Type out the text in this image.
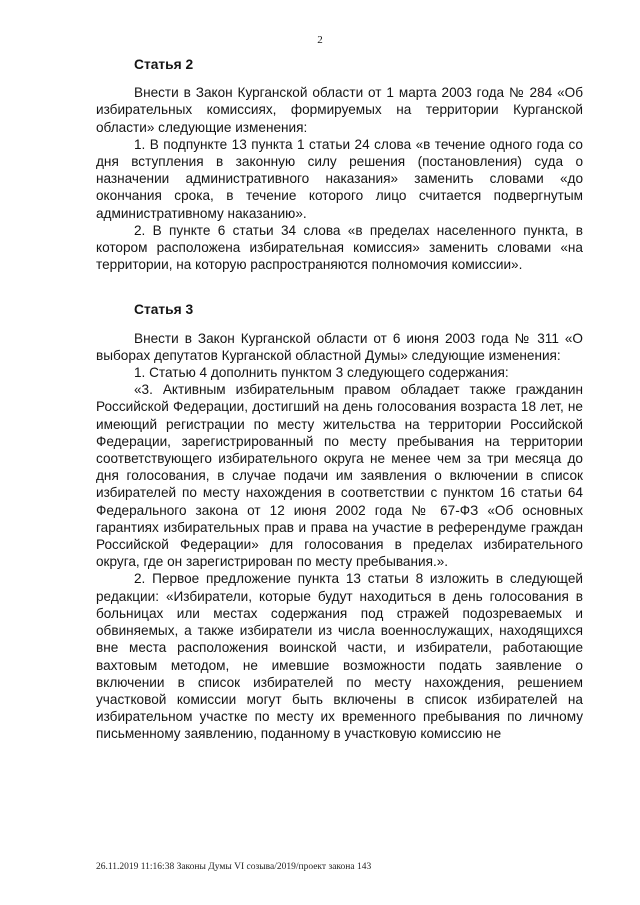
2
Статья 2

Внести в Закон Курганской области от 1 марта 2003 года № 284 «Об избирательных комиссиях, формируемых на территории Курганской области» следующие изменения:

1. В подпункте 13 пункта 1 статьи 24 слова «в течение одного года со дня вступления в законную силу решения (постановления) суда о назначении административного наказания» заменить словами «до окончания срока, в течение которого лицо считается подвергнутым административному наказанию».

2. В пункте 6 статьи 34 слова «в пределах населенного пункта, в котором расположена избирательная комиссия» заменить словами «на территории, на которую распространяются полномочия комиссии».

Статья 3

Внести в Закон Курганской области от 6 июня 2003 года № 311 «О выборах депутатов Курганской областной Думы» следующие изменения:

1. Статью 4 дополнить пунктом 3 следующего содержания:

«3. Активным избирательным правом обладает также гражданин Российской Федерации, достигший на день голосования возраста 18 лет, не имеющий регистрации по месту жительства на территории Российской Федерации, зарегистрированный по месту пребывания на территории соответствующего избирательного округа не менее чем за три месяца до дня голосования, в случае подачи им заявления о включении в список избирателей по месту нахождения в соответствии с пунктом 16 статьи 64 Федерального закона от 12 июня 2002 года № 67-ФЗ «Об основных гарантиях избирательных прав и права на участие в референдуме граждан Российской Федерации» для голосования в пределах избирательного округа, где он зарегистрирован по месту пребывания.».

2. Первое предложение пункта 13 статьи 8 изложить в следующей редакции: «Избиратели, которые будут находиться в день голосования в больницах или местах содержания под стражей подозреваемых и обвиняемых, а также избиратели из числа военнослужащих, находящихся вне места расположения воинской части, и избиратели, работающие вахтовым методом, не имевшие возможности подать заявление о включении в список избирателей по месту нахождения, решением участковой комиссии могут быть включены в список избирателей на избирательном участке по месту их временного пребывания по личному письменному заявлению, поданному в участковую комиссию не

26.11.2019 11:16:38 Законы Думы VI созыва/2019/проект закона 143
